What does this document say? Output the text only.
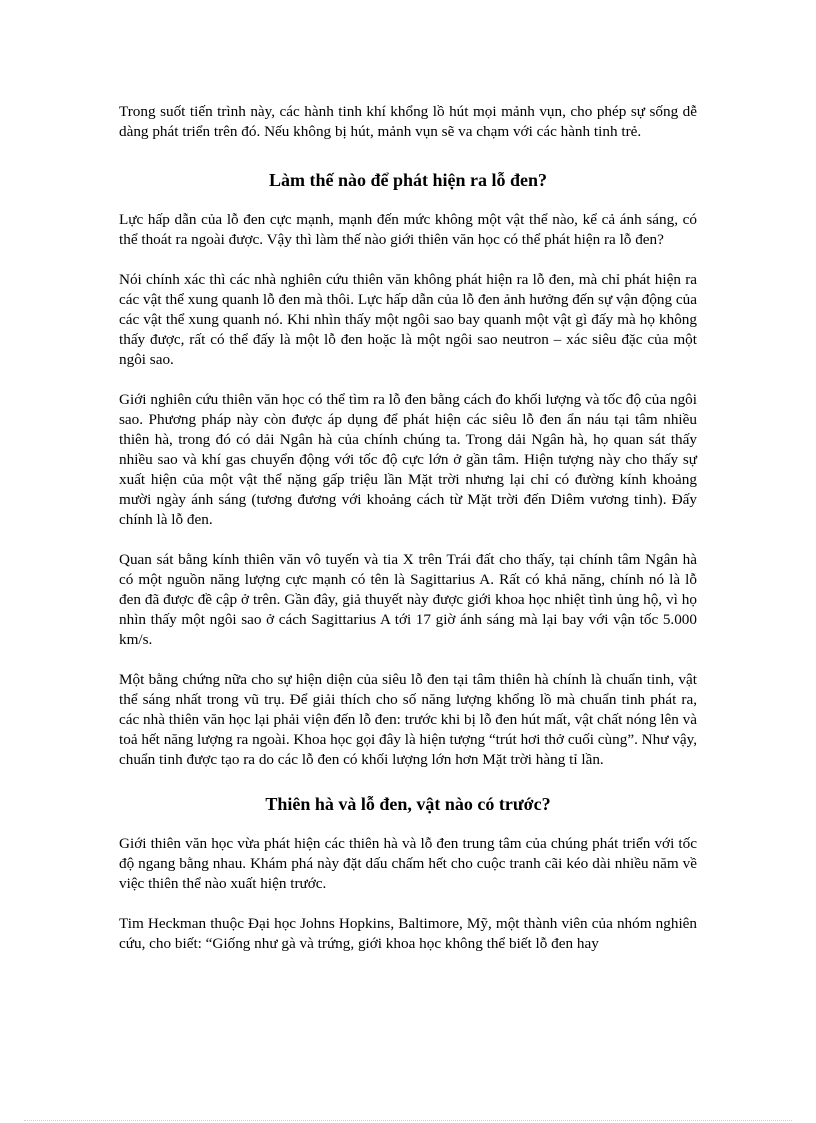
Trong suốt tiến trình này, các hành tinh khí khổng lồ hút mọi mảnh vụn, cho phép sự sống dễ dàng phát triển trên đó. Nếu không bị hút, mảnh vụn sẽ va chạm với các hành tinh trẻ.

Làm thế nào để phát hiện ra lỗ đen?

Lực hấp dẫn của lỗ đen cực mạnh, mạnh đến mức không một vật thể nào, kể cả ánh sáng, có thể thoát ra ngoài được. Vậy thì làm thế nào giới thiên văn học có thể phát hiện ra lỗ đen?

Nói chính xác thì các nhà nghiên cứu thiên văn không phát hiện ra lỗ đen, mà chỉ phát hiện ra các vật thể xung quanh lỗ đen mà thôi. Lực hấp dẫn của lỗ đen ảnh hưởng đến sự vận động của các vật thể xung quanh nó. Khi nhìn thấy một ngôi sao bay quanh một vật gì đấy mà họ không thấy được, rất có thể đấy là một lỗ đen hoặc là một ngôi sao neutron – xác siêu đặc của một ngôi sao.

Giới nghiên cứu thiên văn học có thể tìm ra lỗ đen bằng cách đo khối lượng và tốc độ của ngôi sao. Phương pháp này còn được áp dụng để phát hiện các siêu lỗ đen ẩn náu tại tâm nhiều thiên hà, trong đó có dải Ngân hà của chính chúng ta. Trong dải Ngân hà, họ quan sát thấy nhiều sao và khí gas chuyển động với tốc độ cực lớn ở gần tâm. Hiện tượng này cho thấy sự xuất hiện của một vật thể nặng gấp triệu lần Mặt trời nhưng lại chỉ có đường kính khoảng mười ngày ánh sáng (tương đương với khoảng cách từ Mặt trời đến Diêm vương tinh). Đấy chính là lỗ đen.

Quan sát bằng kính thiên văn vô tuyến và tia X trên Trái đất cho thấy, tại chính tâm Ngân hà có một nguồn năng lượng cực mạnh có tên là Sagittarius A. Rất có khả năng, chính nó là lỗ đen đã được đề cập ở trên. Gần đây, giả thuyết này được giới khoa học nhiệt tình ủng hộ, vì họ nhìn thấy một ngôi sao ở cách Sagittarius A tới 17 giờ ánh sáng mà lại bay với vận tốc 5.000 km/s.

Một bằng chứng nữa cho sự hiện diện của siêu lỗ đen tại tâm thiên hà chính là chuẩn tinh, vật thể sáng nhất trong vũ trụ. Để giải thích cho số năng lượng khổng lồ mà chuẩn tinh phát ra, các nhà thiên văn học lại phải viện đến lỗ đen: trước khi bị lỗ đen hút mất, vật chất nóng lên và toả hết năng lượng ra ngoài. Khoa học gọi đây là hiện tượng “trút hơi thở cuối cùng”. Như vậy, chuẩn tinh được tạo ra do các lỗ đen có khối lượng lớn hơn Mặt trời hàng tỉ lần.

Thiên hà và lỗ đen, vật nào có trước?

Giới thiên văn học vừa phát hiện các thiên hà và lỗ đen trung tâm của chúng phát triển với tốc độ ngang bằng nhau. Khám phá này đặt dấu chấm hết cho cuộc tranh cãi kéo dài nhiều năm về việc thiên thể nào xuất hiện trước.

Tim Heckman thuộc Đại học Johns Hopkins, Baltimore, Mỹ, một thành viên của nhóm nghiên cứu, cho biết: “Giống như gà và trứng, giới khoa học không thể biết lỗ đen hay
